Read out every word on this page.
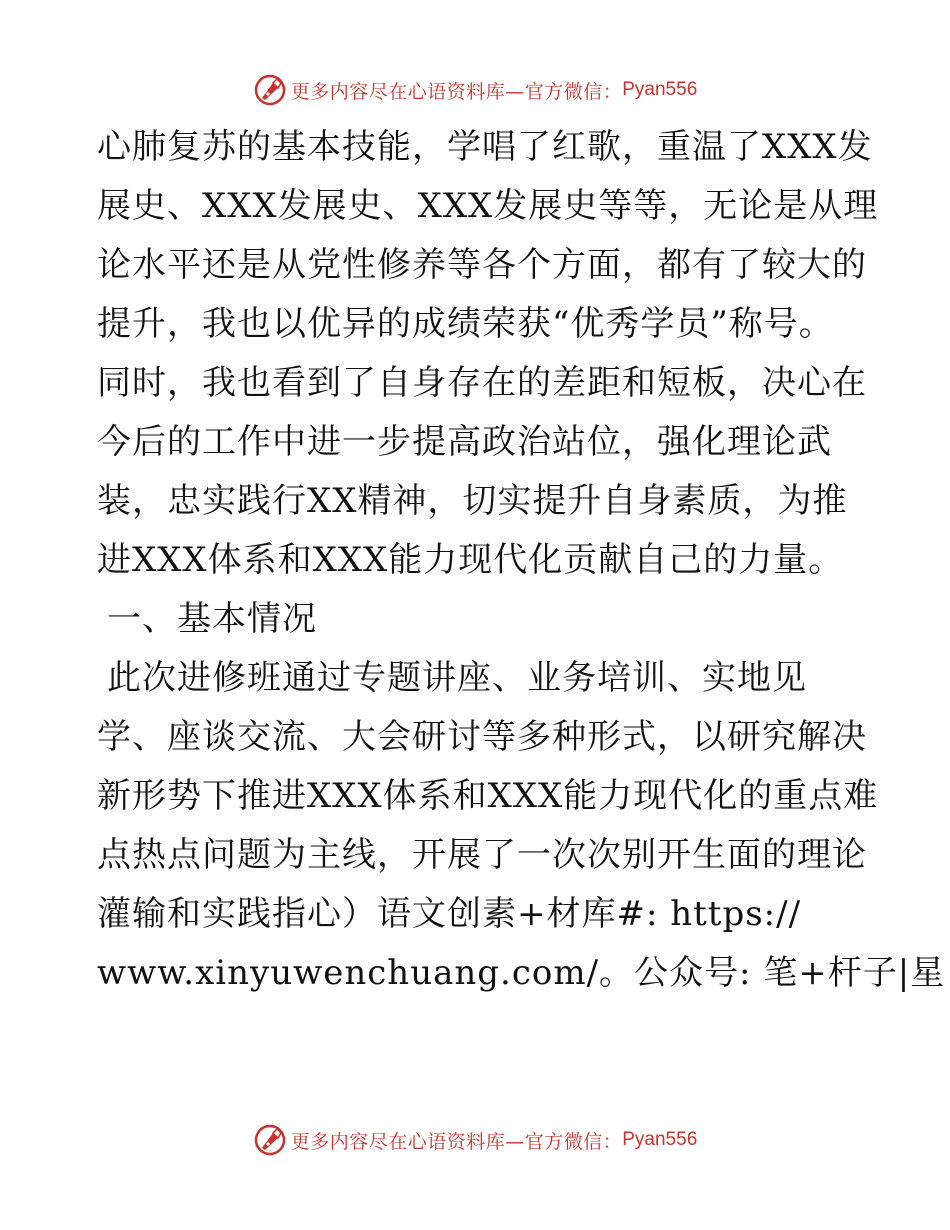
更多内容尽在心语资料库—官方微信： Pyan556
心肺复苏的基本技能，学唱了红歌，重温了XXX发
展史、XXX发展史、XXX发展史等等，无论是从理
论水平还是从党性修养等各个方面，都有了较大的
提升，我也以优异的成绩荣获“优秀学员”称号。
同时，我也看到了自身存在的差距和短板，决心在
今后的工作中进一步提高政治站位，强化理论武
装，忠实践行XX精神，切实提升自身素质，为推
进XXX体系和XXX能力现代化贡献自己的力量。
一、基本情况
此次进修班通过专题讲座、业务培训、实地见
学、座谈交流、大会研讨等多种形式，以研究解决
新形势下推进XXX体系和XXX能力现代化的重点难
点热点问题为主线，开展了一次次别开生面的理论
灌输和实践指心）语文创素+材库#: https://
www.xinyuwenchuang.com/。公众号: 笔+杆子|星
更多内容尽在心语资料库—官方微信： Pyan556
